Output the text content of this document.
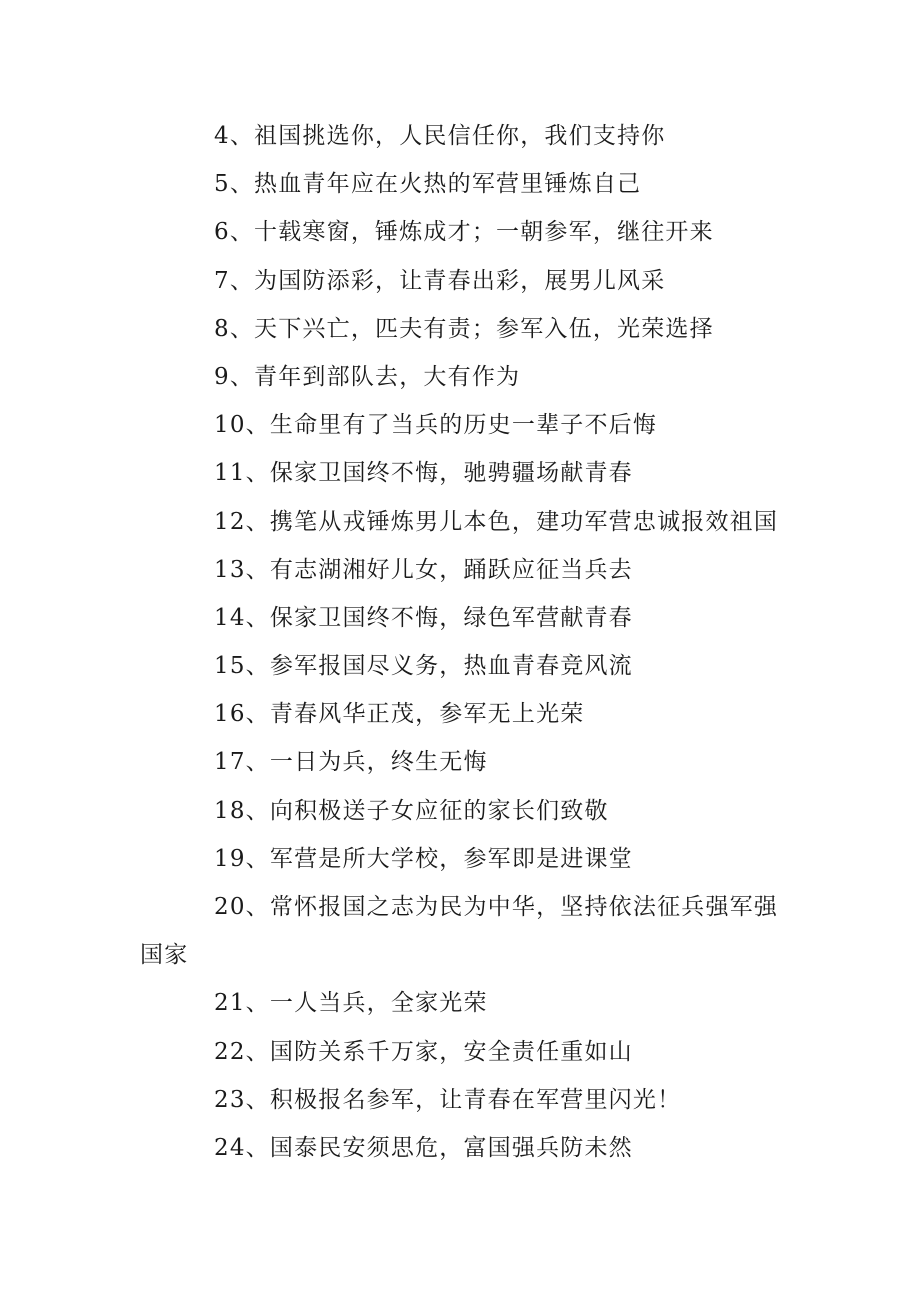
4、祖国挑选你，人民信任你，我们支持你
5、热血青年应在火热的军营里锤炼自己
6、十载寒窗，锤炼成才；一朝参军，继往开来
7、为国防添彩，让青春出彩，展男儿风采
8、天下兴亡，匹夫有责；参军入伍，光荣选择
9、青年到部队去，大有作为
10、生命里有了当兵的历史一辈子不后悔
11、保家卫国终不悔，驰骋疆场献青春
12、携笔从戎锤炼男儿本色，建功军营忠诚报效祖国
13、有志湖湘好儿女，踊跃应征当兵去
14、保家卫国终不悔，绿色军营献青春
15、参军报国尽义务，热血青春竞风流
16、青春风华正茂，参军无上光荣
17、一日为兵，终生无悔
18、向积极送子女应征的家长们致敬
19、军营是所大学校，参军即是进课堂
20、常怀报国之志为民为中华，坚持依法征兵强军强
国家
21、一人当兵，全家光荣
22、国防关系千万家，安全责任重如山
23、积极报名参军，让青春在军营里闪光！
24、国泰民安须思危，富国强兵防未然
